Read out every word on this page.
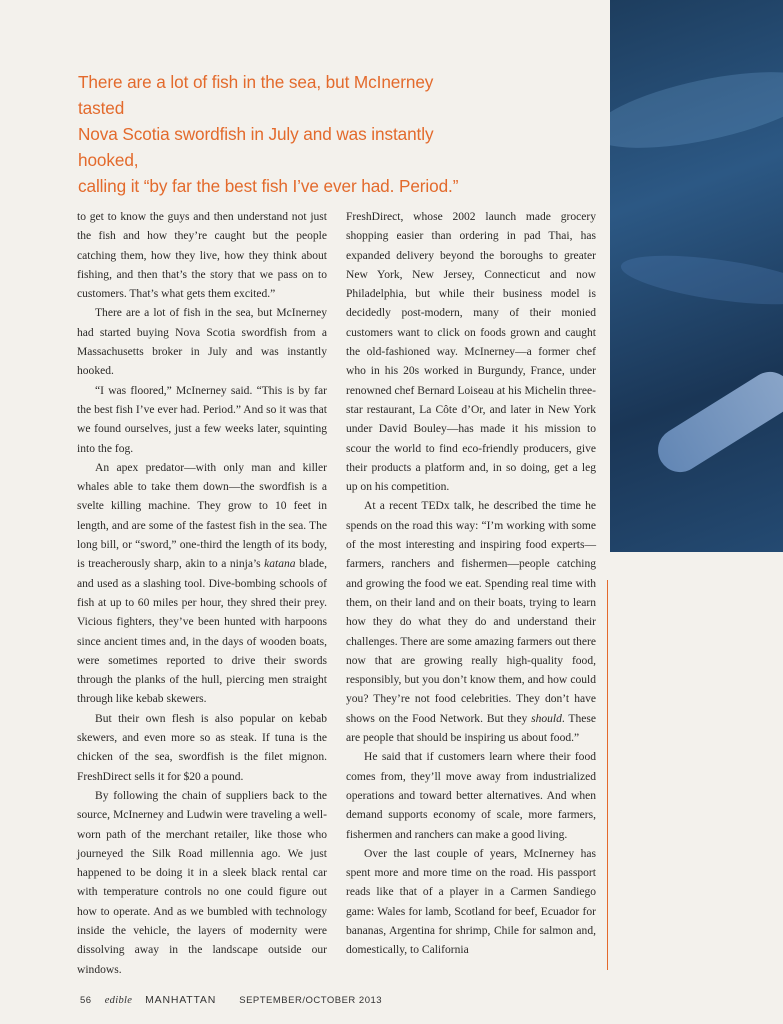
There are a lot of fish in the sea, but McInerney tasted
Nova Scotia swordfish in July and was instantly hooked,
calling it “by far the best fish I’ve ever had. Period.”

to get to know the guys and then understand not just the fish and how they’re caught but the people catching them, how they live, how they think about fishing, and then that’s the story that we pass on to customers. That’s what gets them excited.”

There are a lot of fish in the sea, but McInerney had started buying Nova Scotia swordfish from a Massachusetts broker in July and was instantly hooked.

“I was floored,” McInerney said. “This is by far the best fish I’ve ever had. Period.” And so it was that we found ourselves, just a few weeks later, squinting into the fog.

An apex predator—with only man and killer whales able to take them down—the swordfish is a svelte killing machine. They grow to 10 feet in length, and are some of the fastest fish in the sea. The long bill, or “sword,” one-third the length of its body, is treacherously sharp, akin to a ninja’s katana blade, and used as a slashing tool. Dive-bombing schools of fish at up to 60 miles per hour, they shred their prey. Vicious fighters, they’ve been hunted with harpoons since ancient times and, in the days of wooden boats, were sometimes reported to drive their swords through the planks of the hull, piercing men straight through like kebab skewers.

But their own flesh is also popular on kebab skewers, and even more so as steak. If tuna is the chicken of the sea, swordfish is the filet mignon. FreshDirect sells it for $20 a pound.

By following the chain of suppliers back to the source, McInerney and Ludwin were traveling a well-worn path of the merchant retailer, like those who journeyed the Silk Road millennia ago. We just happened to be doing it in a sleek black rental car with temperature controls no one could figure out how to operate. And as we bumbled with technology inside the vehicle, the layers of modernity were dissolving away in the landscape outside our windows.

FreshDirect, whose 2002 launch made grocery shopping easier than ordering in pad Thai, has expanded delivery beyond the boroughs to greater New York, New Jersey, Connecticut and now Philadelphia, but while their business model is decidedly post-modern, many of their monied customers want to click on foods grown and caught the old-fashioned way. McInerney—a former chef who in his 20s worked in Burgundy, France, under renowned chef Bernard Loiseau at his Michelin three-star restaurant, La Côte d’Or, and later in New York under David Bouley—has made it his mission to scour the world to find eco-friendly producers, give their products a platform and, in so doing, get a leg up on his competition.

At a recent TEDx talk, he described the time he spends on the road this way: “I’m working with some of the most interesting and inspiring food experts—farmers, ranchers and fishermen—people catching and growing the food we eat. Spending real time with them, on their land and on their boats, trying to learn how they do what they do and understand their challenges. There are some amazing farmers out there now that are growing really high-quality food, responsibly, but you don’t know them, and how could you? They’re not food celebrities. They don’t have shows on the Food Network. But they should. These are people that should be inspiring us about food.”

He said that if customers learn where their food comes from, they’ll move away from industrialized operations and toward better alternatives. And when demand supports economy of scale, more farmers, fishermen and ranchers can make a good living.

Over the last couple of years, McInerney has spent more and more time on the road. His passport reads like that of a player in a Carmen Sandiego game: Wales for lamb, Scotland for beef, Ecuador for bananas, Argentina for shrimp, Chile for salmon and, domestically, to California

56 edible MANHATTAN SEPTEMBER/OCTOBER 2013
